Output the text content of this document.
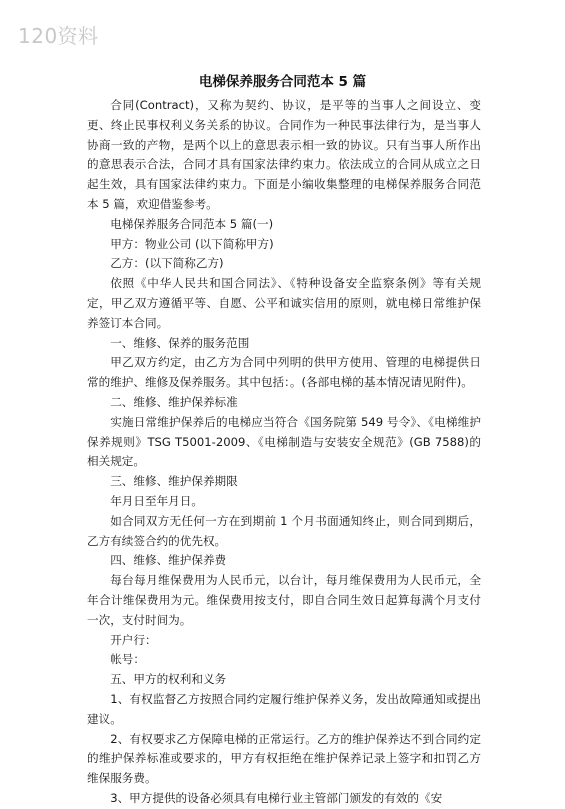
120资料
电梯保养服务合同范本 5 篇

合同(Contract)，又称为契约、协议，是平等的当事人之间设立、变更、终止民事权利义务关系的协议。合同作为一种民事法律行为，是当事人协商一致的产物，是两个以上的意思表示相一致的协议。只有当事人所作出的意思表示合法，合同才具有国家法律约束力。依法成立的合同从成立之日起生效，具有国家法律约束力。下面是小编收集整理的电梯保养服务合同范本 5 篇，欢迎借鉴参考。

电梯保养服务合同范本 5 篇(一)

甲方：物业公司 (以下简称甲方)

乙方：(以下简称乙方)

依照《中华人民共和国合同法》、《特种设备安全监察条例》等有关规定，甲乙双方遵循平等、自愿、公平和诚实信用的原则，就电梯日常维护保养签订本合同。

一、维修、保养的服务范围

甲乙双方约定，由乙方为合同中列明的供甲方使用、管理的电梯提供日常的维护、维修及保养服务。其中包括：。(各部电梯的基本情况请见附件)。

二、维修、维护保养标准

实施日常维护保养后的电梯应当符合《国务院第 549 号令》、《电梯维护保养规则》TSG T5001-2009、《电梯制造与安装安全规范》(GB 7588)的相关规定。

三、维修、维护保养期限

年月日至年月日。

如合同双方无任何一方在到期前 1 个月书面通知终止，则合同到期后，乙方有续签合约的优先权。

四、维修、维护保养费

每台每月维保费用为人民币元，以台计，每月维保费用为人民币元，全年合计维保费用为元。维保费用按支付，即自合同生效日起算每满个月支付一次，支付时间为。

开户行：

帐号：

五、甲方的权利和义务

1、有权监督乙方按照合同约定履行维护保养义务，发出故障通知或提出建议。

2、有权要求乙方保障电梯的正常运行。乙方的维护保养达不到合同约定的维护保养标准或要求的，甲方有权拒绝在维护保养记录上签字和扣罚乙方维保服务费。

3、甲方提供的设备必须具有电梯行业主管部门颁发的有效的《安
